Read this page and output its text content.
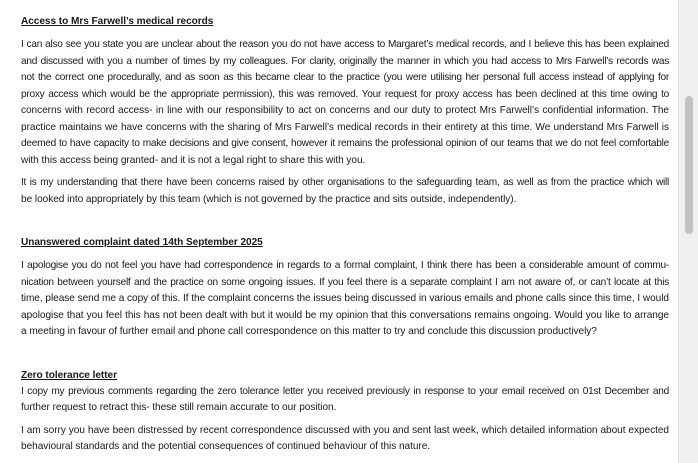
Access to Mrs Farwell’s medical records
I can also see you state you are unclear about the reason you do not have access to Margaret’s medical records, and I believe this has been explained
and discussed with you a number of times by my colleagues. For clarity, originally the manner in which you had access to Mrs Farwell’s records was
not the correct one procedurally, and as soon as this became clear to the practice (you were utilising her personal full access instead of applying for
proxy access which would be the appropriate permission), this was removed. Your request for proxy access has been declined at this time owing to
concerns with record access- in line with our responsibility to act on concerns and our duty to protect Mrs Farwell’s confidential information. The
practice maintains we have concerns with the sharing of Mrs Farwell’s medical records in their entirety at this time. We understand Mrs Farwell is
deemed to have capacity to make decisions and give consent, however it remains the professional opinion of our teams that we do not feel comfortable
with this access being granted- and it is not a legal right to share this with you.
It is my understanding that there have been concerns raised by other organisations to the safeguarding team, as well as from the practice which will
be looked into appropriately by this team (which is not governed by the practice and sits outside, independently).
Unanswered complaint dated 14th September 2025
I apologise you do not feel you have had correspondence in regards to a formal complaint, I think there has been a considerable amount of commu-
nication between yourself and the practice on some ongoing issues. If you feel there is a separate complaint I am not aware of, or can’t locate at this
time, please send me a copy of this. If the complaint concerns the issues being discussed in various emails and phone calls since this time, I would
apologise that you feel this has not been dealt with but it would be my opinion that this conversations remains ongoing. Would you like to arrange
a meeting in favour of further email and phone call correspondence on this matter to try and conclude this discussion productively?
Zero tolerance letter
I copy my previous comments regarding the zero tolerance letter you received previously in response to your email received on 01st December and
further request to retract this- these still remain accurate to our position.
I am sorry you have been distressed by recent correspondence discussed with you and sent last week, which detailed information about expected
behavioural standards and the potential consequences of continued behaviour of this nature.
